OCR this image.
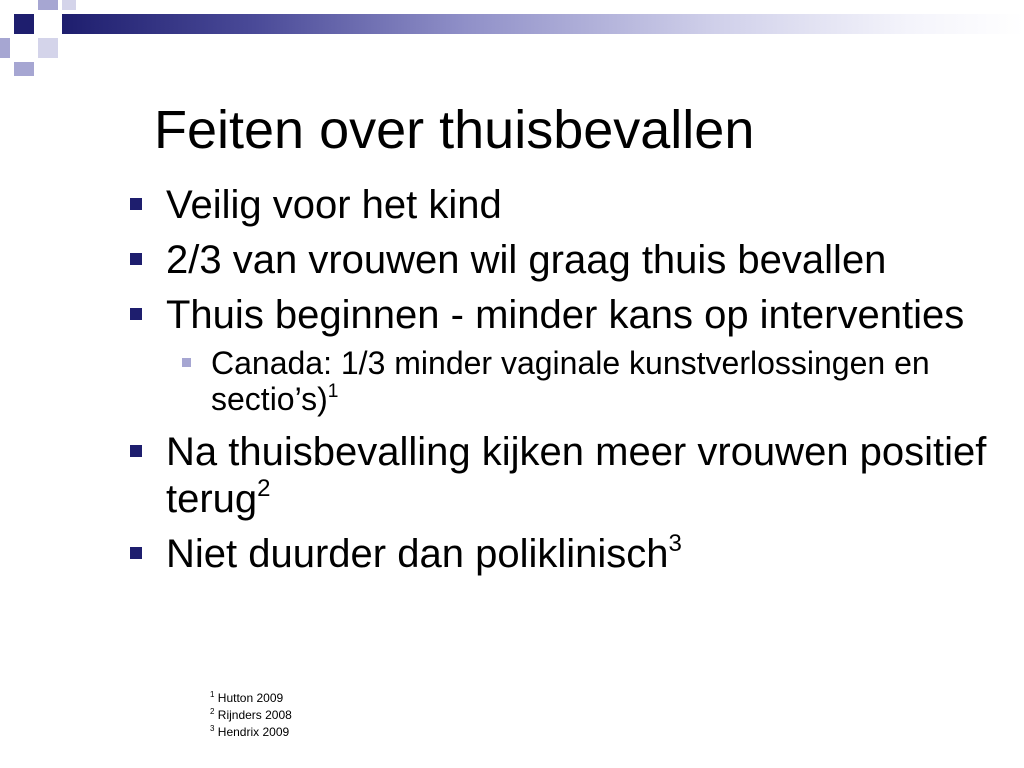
Feiten over thuisbevallen
Veilig voor het kind
2/3 van vrouwen wil graag thuis bevallen
Thuis beginnen - minder kans op interventies
Canada: 1/3 minder vaginale kunstverlossingen en sectio’s)$^1$
Na thuisbevalling kijken meer vrouwen positief terug$^2$
Niet duurder dan poliklinisch$^3$
$^1$ Hutton 2009
$^2$ Rijnders 2008
$^3$ Hendrix 2009
